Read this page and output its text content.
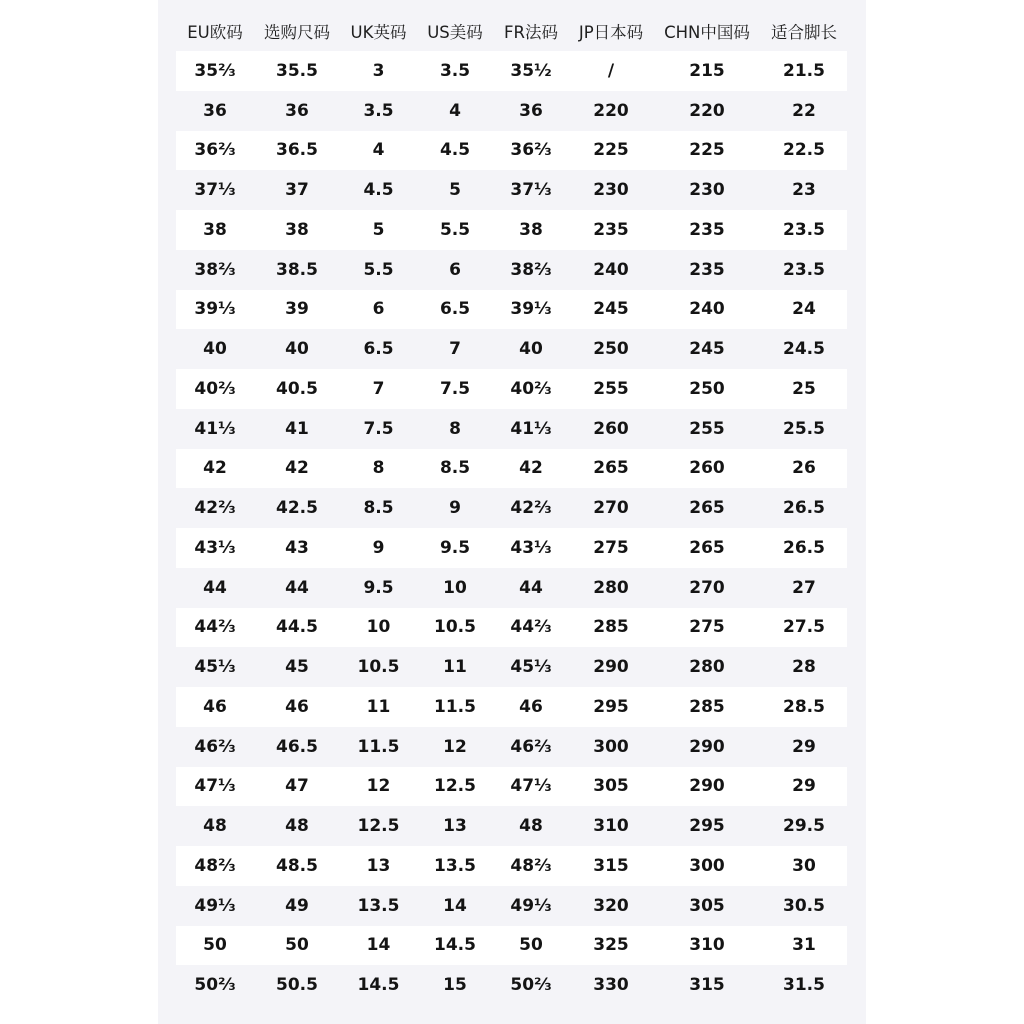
EU欧码	选购尺码	UK英码	US美码	FR法码	JP日本码	CHN中国码	适合脚长
35⅔	35.5	3	3.5	35½	/	215	21.5
36	36	3.5	4	36	220	220	22
36⅔	36.5	4	4.5	36⅔	225	225	22.5
37⅓	37	4.5	5	37⅓	230	230	23
38	38	5	5.5	38	235	235	23.5
38⅔	38.5	5.5	6	38⅔	240	235	23.5
39⅓	39	6	6.5	39⅓	245	240	24
40	40	6.5	7	40	250	245	24.5
40⅔	40.5	7	7.5	40⅔	255	250	25
41⅓	41	7.5	8	41⅓	260	255	25.5
42	42	8	8.5	42	265	260	26
42⅔	42.5	8.5	9	42⅔	270	265	26.5
43⅓	43	9	9.5	43⅓	275	265	26.5
44	44	9.5	10	44	280	270	27
44⅔	44.5	10	10.5	44⅔	285	275	27.5
45⅓	45	10.5	11	45⅓	290	280	28
46	46	11	11.5	46	295	285	28.5
46⅔	46.5	11.5	12	46⅔	300	290	29
47⅓	47	12	12.5	47⅓	305	290	29
48	48	12.5	13	48	310	295	29.5
48⅔	48.5	13	13.5	48⅔	315	300	30
49⅓	49	13.5	14	49⅓	320	305	30.5
50	50	14	14.5	50	325	310	31
50⅔	50.5	14.5	15	50⅔	330	315	31.5
